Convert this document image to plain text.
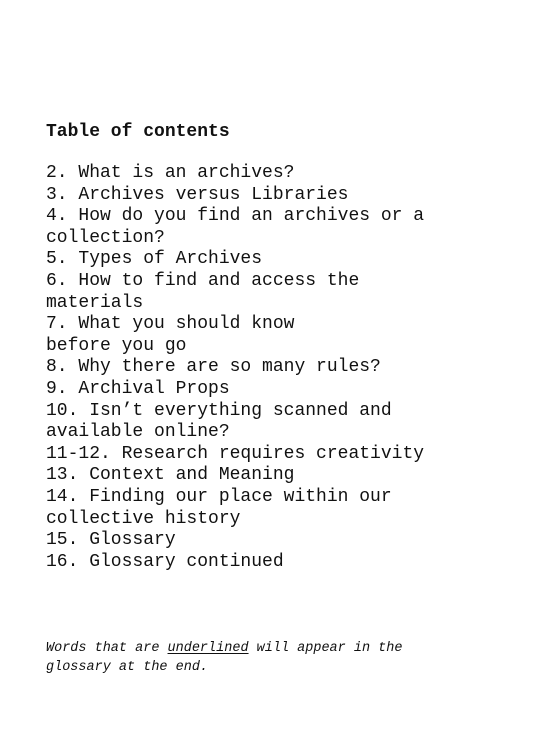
Table of contents
2. What is an archives?
3. Archives versus Libraries
4. How do you find an archives or a
collection?
5. Types of Archives
6. How to find and access the
materials
7. What you should know
before you go
8. Why there are so many rules?
9. Archival Props
10. Isn’t everything scanned and
available online?
11-12. Research requires creativity
13. Context and Meaning
14. Finding our place within our
collective history
15. Glossary
16. Glossary continued

Words that are underlined will appear in the
glossary at the end.
